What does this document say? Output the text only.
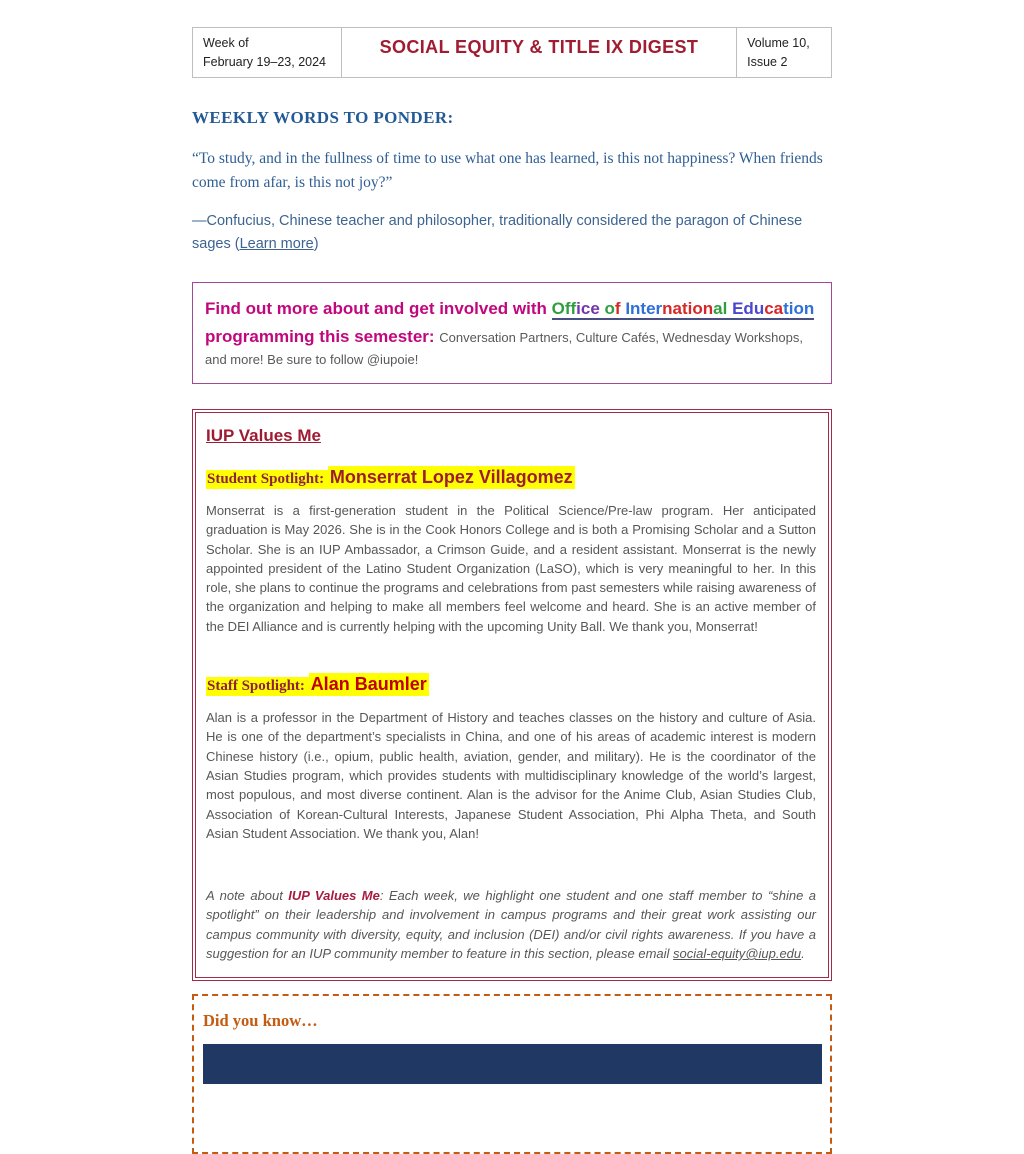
Week of
February 19–23, 2024
SOCIAL EQUITY & TITLE IX DIGEST	Volume 10,
Issue 2
WEEKLY WORDS TO PONDER:
“To study, and in the fullness of time to use what one has learned, is this not happiness? When friends come from afar, is this not joy?”
—Confucius, Chinese teacher and philosopher, traditionally considered the paragon of Chinese sages (Learn more)
Find out more about and get involved with Office of International Education programming this semester: Conversation Partners, Culture Cafés, Wednesday Workshops, and more! Be sure to follow @iupoie!
IUP Values Me
Student Spotlight: Monserrat Lopez Villagomez
Monserrat is a first-generation student in the Political Science/Pre-law program. Her anticipated graduation is May 2026. She is in the Cook Honors College and is both a Promising Scholar and a Sutton Scholar. She is an IUP Ambassador, a Crimson Guide, and a resident assistant. Monserrat is the newly appointed president of the Latino Student Organization (LaSO), which is very meaningful to her. In this role, she plans to continue the programs and celebrations from past semesters while raising awareness of the organization and helping to make all members feel welcome and heard. She is an active member of the DEI Alliance and is currently helping with the upcoming Unity Ball. We thank you, Monserrat!
Staff Spotlight: Alan Baumler
Alan is a professor in the Department of History and teaches classes on the history and culture of Asia. He is one of the department’s specialists in China, and one of his areas of academic interest is modern Chinese history (i.e., opium, public health, aviation, gender, and military). He is the coordinator of the Asian Studies program, which provides students with multidisciplinary knowledge of the world’s largest, most populous, and most diverse continent. Alan is the advisor for the Anime Club, Asian Studies Club, Association of Korean-Cultural Interests, Japanese Student Association, Phi Alpha Theta, and South Asian Student Association. We thank you, Alan!
A note about IUP Values Me: Each week, we highlight one student and one staff member to “shine a spotlight” on their leadership and involvement in campus programs and their great work assisting our campus community with diversity, equity, and inclusion (DEI) and/or civil rights awareness. If you have a suggestion for an IUP community member to feature in this section, please email social-equity@iup.edu.
Did you know…
